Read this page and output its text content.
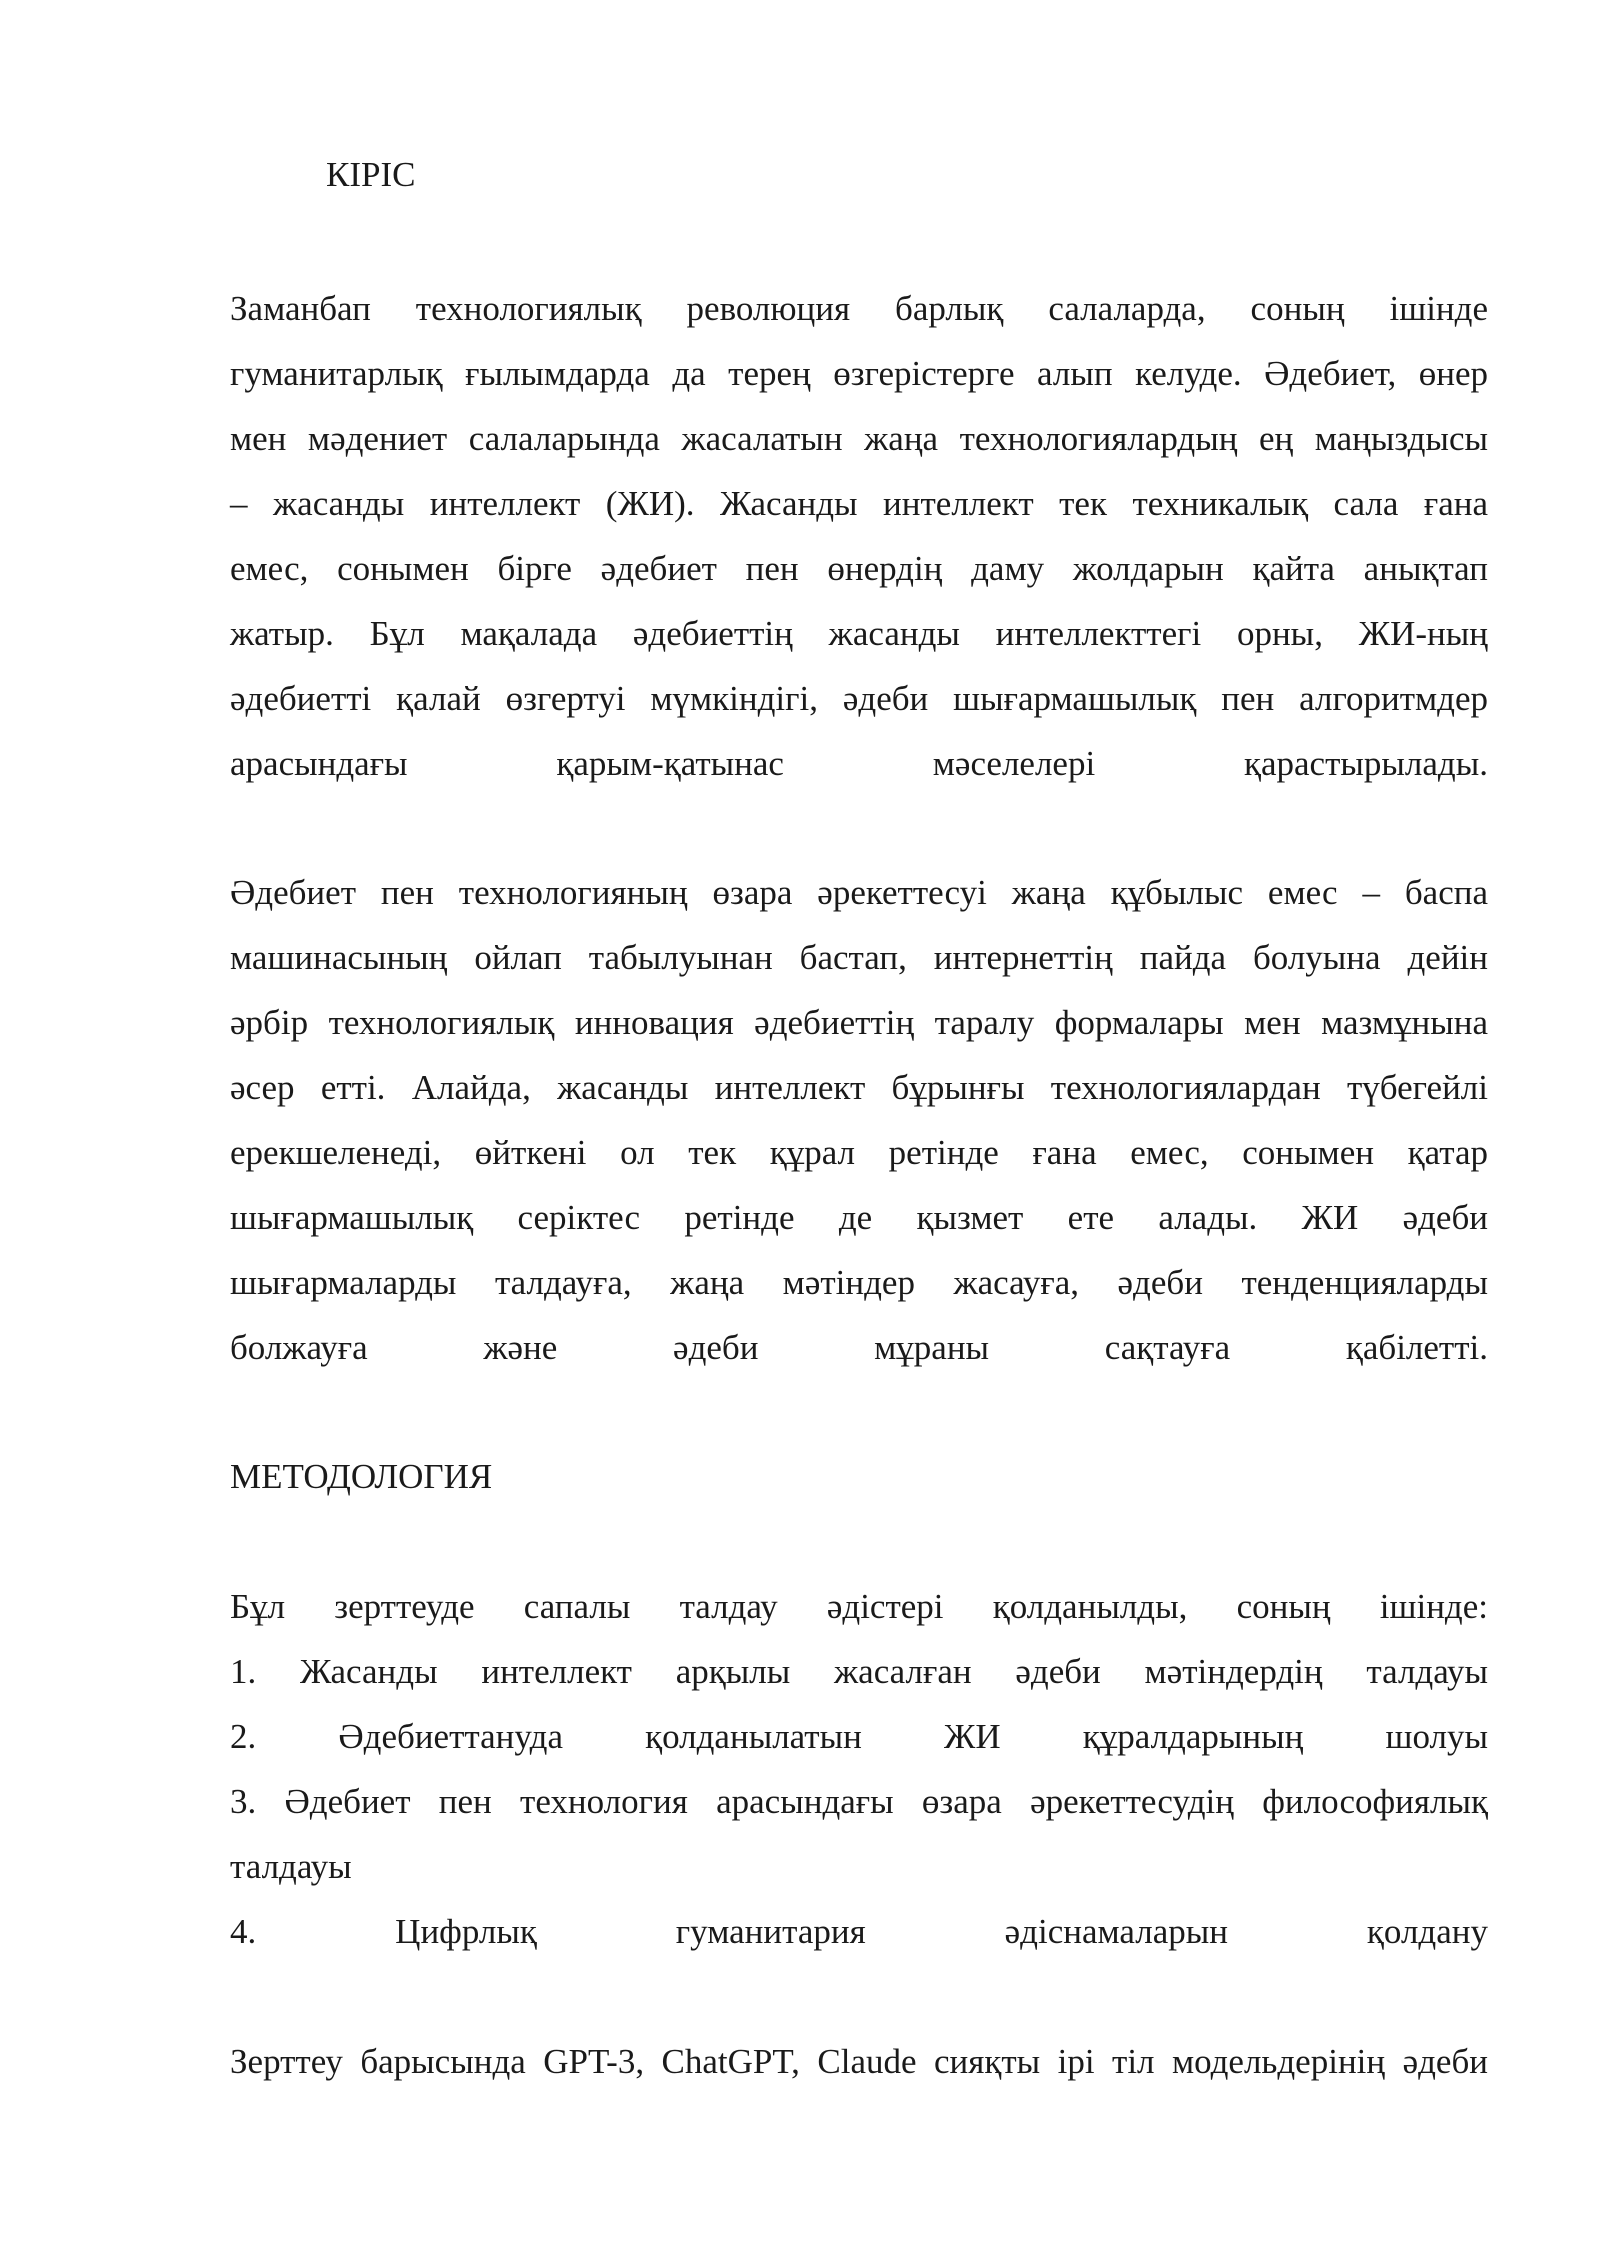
КІРІС

Заманбап технологиялық революция барлық салаларда, соның ішінде
гуманитарлық ғылымдарда да терең өзгерістерге алып келуде. Әдебиет, өнер
мен мәдениет салаларында жасалатын жаңа технологиялардың ең маңыздысы
– жасанды интеллект (ЖИ). Жасанды интеллект тек техникалық сала ғана
емес, сонымен бірге әдебиет пен өнердің даму жолдарын қайта анықтап
жатыр. Бұл мақалада әдебиеттің жасанды интеллекттегі орны, ЖИ-ның
әдебиетті қалай өзгертуі мүмкіндігі, әдеби шығармашылық пен алгоритмдер
арасындағы қарым-қатынас мәселелері қарастырылады.

Әдебиет пен технологияның өзара әрекеттесуі жаңа құбылыс емес – баспа
машинасының ойлап табылуынан бастап, интернеттің пайда болуына дейін
әрбір технологиялық инновация әдебиеттің таралу формалары мен мазмұнына
әсер етті. Алайда, жасанды интеллект бұрынғы технологиялардан түбегейлі
ерекшеленеді, өйткені ол тек құрал ретінде ғана емес, сонымен қатар
шығармашылық серіктес ретінде де қызмет ете алады. ЖИ әдеби
шығармаларды талдауға, жаңа мәтіндер жасауға, әдеби тенденцияларды
болжауға және әдеби мұраны сақтауға қабілетті.

МЕТОДОЛОГИЯ

Бұл зерттеуде сапалы талдау әдістері қолданылды, соның ішінде:
1. Жасанды интеллект арқылы жасалған әдеби мәтіндердің талдауы
2. Әдебиеттануда қолданылатын ЖИ құралдарының шолуы
3. Әдебиет пен технология арасындағы өзара әрекеттесудің философиялық
талдауы
4. Цифрлық гуманитария әдіснамаларын қолдану

Зерттеу барысында GPT-3, ChatGPT, Claude сияқты ірі тіл модельдерінің әдеби
